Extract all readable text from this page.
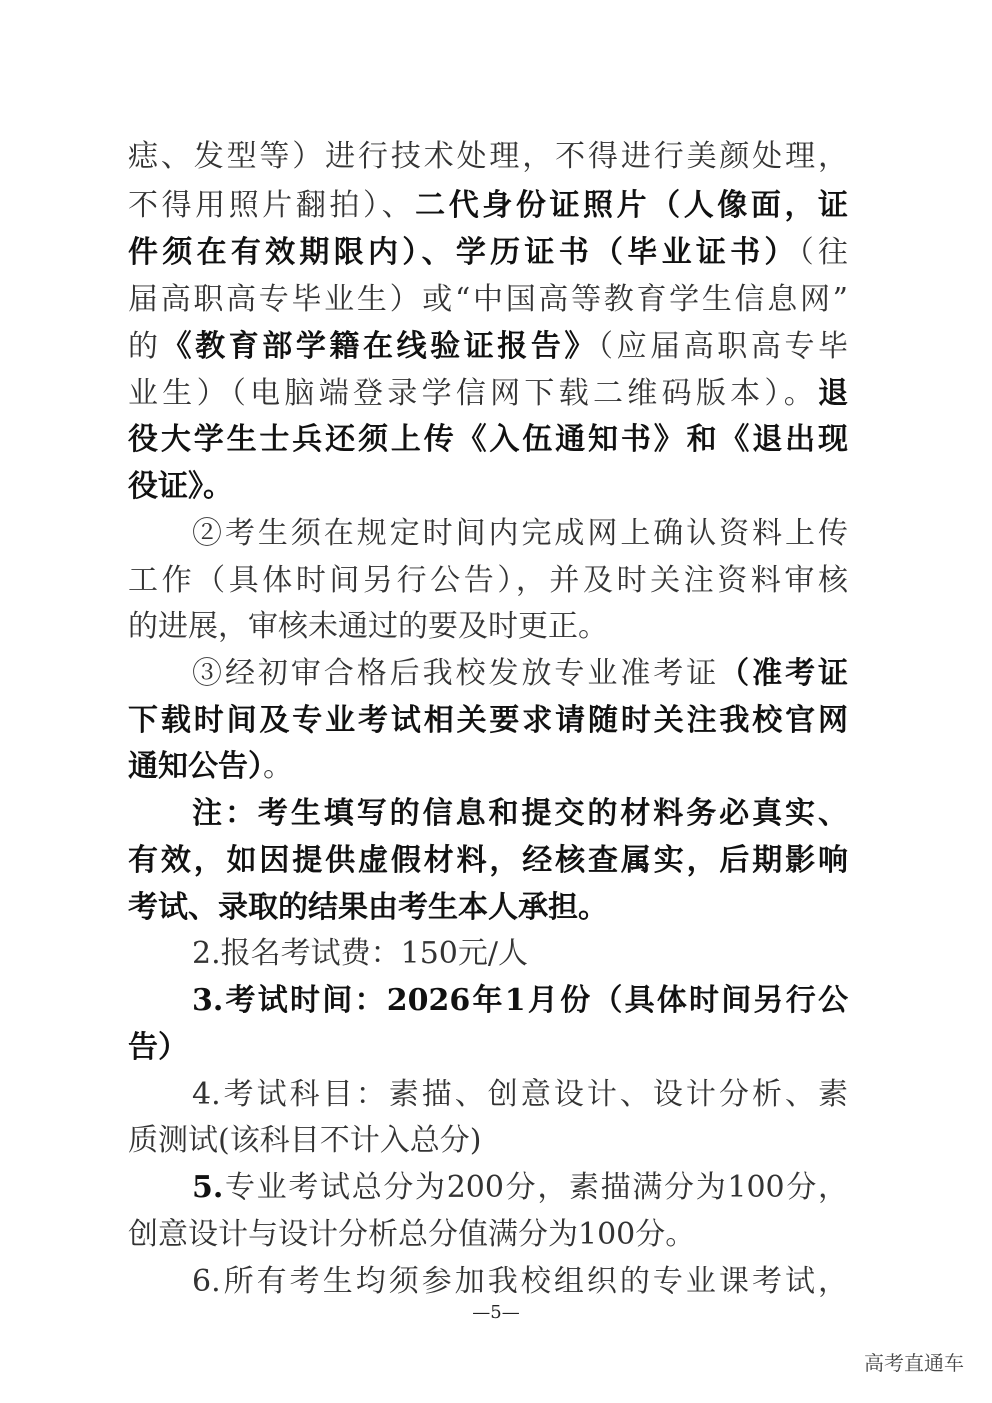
痣、发型等）进行技术处理，不得进行美颜处理，
不得用照片翻拍）、二代身份证照片（人像面，证
件须在有效期限内）、学历证书（毕业证书）（往
届高职高专毕业生）或“中国高等教育学生信息网”
的《教育部学籍在线验证报告》（应届高职高专毕
业生）（电脑端登录学信网下载二维码版本）。退
役大学生士兵还须上传《入伍通知书》和《退出现
役证》。
②考生须在规定时间内完成网上确认资料上传
工作（具体时间另行公告），并及时关注资料审核
的进展，审核未通过的要及时更正。
③经初审合格后我校发放专业准考证（准考证
下载时间及专业考试相关要求请随时关注我校官网
通知公告）。
注：考生填写的信息和提交的材料务必真实、
有效，如因提供虚假材料，经核查属实，后期影响
考试、录取的结果由考生本人承担。
2.报名考试费：150元/人
3.考试时间：2026年1月份（具体时间另行公
告）
4.考试科目：素描、创意设计、设计分析、素
质测试(该科目不计入总分)
5.专业考试总分为200分，素描满分为100分，
创意设计与设计分析总分值满分为100分。
6.所有考生均须参加我校组织的专业课考试，
—5—
高考直通车
